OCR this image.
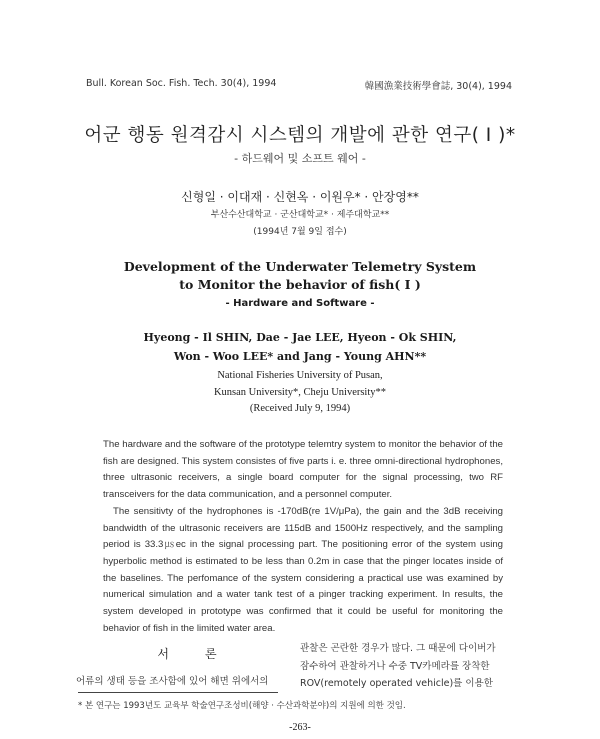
Bull. Korean Soc. Fish. Tech. 30(4), 1994	韓國漁業技術學會誌, 30(4), 1994
어군 행동 원격감시 시스템의 개발에 관한 연구( I )*
- 하드웨어 및 소프트 웨어 -
신형일 · 이대재 · 신현옥 · 이원우* · 안장영**
부산수산대학교 · 군산대학교* · 제주대학교**
(1994년 7월 9일 접수)
Development of the Underwater Telemetry System
to Monitor the behavior of fish( I )
- Hardware and Software -
Hyeong - Il SHIN, Dae - Jae LEE, Hyeon - Ok SHIN,
Won - Woo LEE* and Jang - Young AHN**
National Fisheries University of Pusan,
Kunsan University*, Cheju University**
(Received July 9, 1994)

The hardware and the software of the prototype telemtry system to monitor the behavior of the fish are designed. This system consistes of five parts i. e. three omni-directional hydrophones, three ultrasonic receivers, a single board computer for the signal processing, two RF transceivers for the data communication, and a personnel computer.

The sensitivty of the hydrophones is -170dB(re 1V/μPa), the gain and the 3dB receiving bandwidth of the ultrasonic receivers are 115dB and 1500Hz respectively, and the sampling period is 33.3㎲ec in the signal processing part. The positioning error of the system using hyperbolic method is estimated to be less than 0.2m in case that the pinger locates inside of the baselines. The perfomance of the system considering a practical use was examined by numerical simulation and a water tank test of a pinger tracking experiment. In results, the system developed in prototype was confirmed that it could be useful for monitoring the behavior of fish in the limited water area.

서론
어류의 생태 등을 조사함에 있어 해면 위에서의
관찰은 곤란한 경우가 많다. 그 때문에 다이버가
잠수하여 관찰하거나 수중 TV카메라를 장착한
ROV(remotely operated vehicle)를 이용한
* 본 연구는 1993년도 교육부 학술연구조성비(해양 · 수산과학분야)의 지원에 의한 것임.
-263-
